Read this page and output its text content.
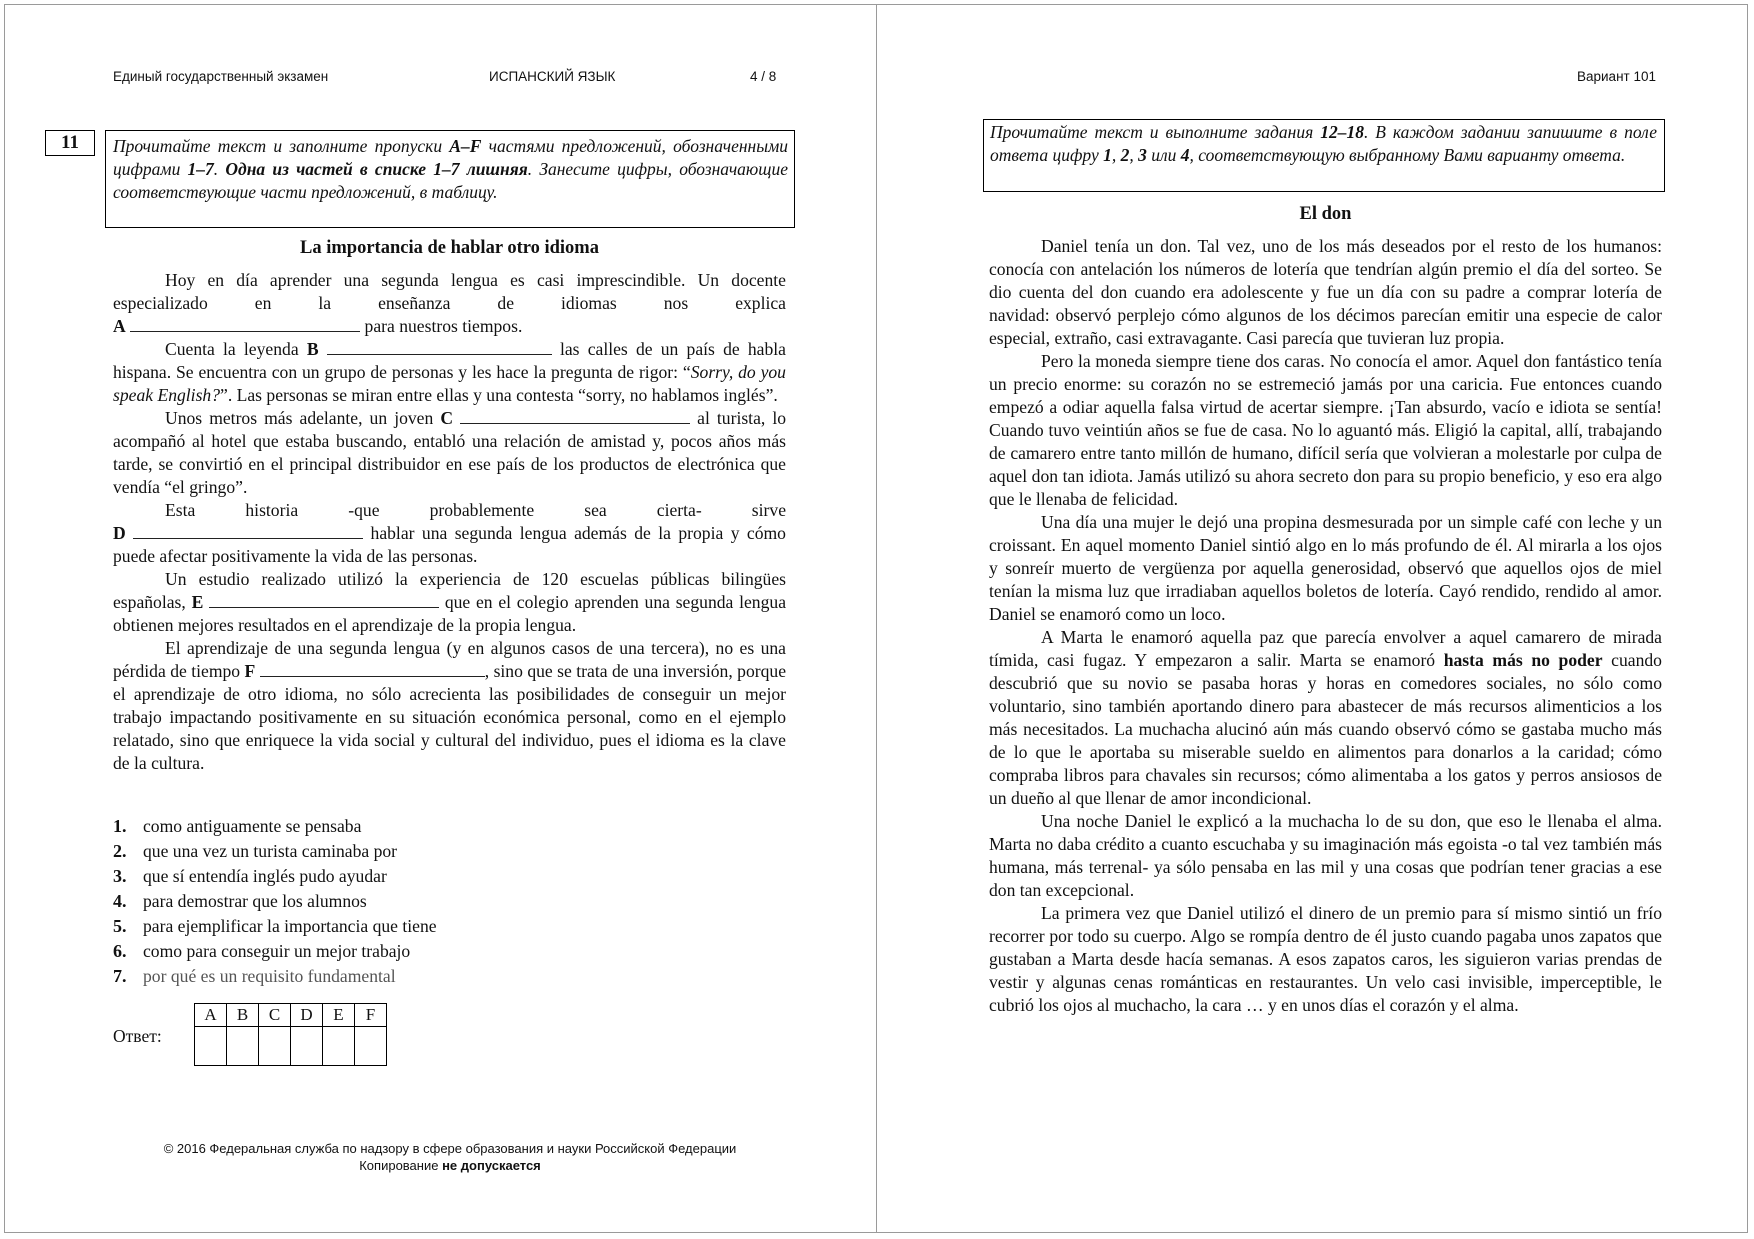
Единый государственный экзамен	ИСПАНСКИЙ ЯЗЫК	4 / 8	Вариант 101
11	Прочитайте текст и заполните пропуски A–F частями предложений, обозначенными цифрами 1–7. Одна из частей в списке 1–7 лишняя. Занесите цифры, обозначающие соответствующие части предложений, в таблицу.
La importancia de hablar otro idioma

Hoy en día aprender una segunda lengua es casi imprescindible. Un docente especializado en la enseñanza de idiomas nos explica

A	para nuestros tiempos.

Cuenta la leyenda B	las calles de un país de habla hispana. Se encuentra con un grupo de personas y les hace la pregunta de rigor: “Sorry, do you speak English?”. Las personas se miran entre ellas y una contesta “sorry, no hablamos inglés”.

Unos metros más adelante, un joven C	al turista, lo acompañó al hotel que estaba buscando, entabló una relación de amistad y, pocos años más tarde, se convirtió en el principal distribuidor en ese país de los productos de electrónica que vendía “el gringo”.

Esta historia -que probablemente sea cierta- sirve

D	hablar una segunda lengua además de la propia y cómo puede afectar positivamente la vida de las personas.

Un estudio realizado utilizó la experiencia de 120 escuelas públicas bilingües españolas, E	que en el colegio aprenden una segunda lengua obtienen mejores resultados en el aprendizaje de la propia lengua.

El aprendizaje de una segunda lengua (y en algunos casos de una tercera), no es una pérdida de tiempo F	, sino que se trata de una inversión, porque el aprendizaje de otro idioma, no sólo acrecienta las posibilidades de conseguir un mejor trabajo impactando positivamente en su situación económica personal, como en el ejemplo relatado, sino que enriquece la vida social y cultural del individuo, pues el idioma es la clave de la cultura.

1. como antiguamente se pensaba
2. que una vez un turista caminaba por
3. que sí entendía inglés pudo ayudar
4. para demostrar que los alumnos
5. para ejemplificar la importancia que tiene
6. como para conseguir un mejor trabajo
7. por qué es un requisito fundamental
Ответ:
A	B	C	D	E	F

© 2016 Федеральная служба по надзору в сфере образования и науки Российской Федерации
Копирование не допускается
Прочитайте текст и выполните задания 12–18. В каждом задании запишите в поле ответа цифру 1, 2, 3 или 4, соответствующую выбранному Вами варианту ответа.
El don

Daniel tenía un don. Tal vez, uno de los más deseados por el resto de los humanos: conocía con antelación los números de lotería que tendrían algún premio el día del sorteo. Se dio cuenta del don cuando era adolescente y fue un día con su padre a comprar lotería de navidad: observó perplejo cómo algunos de los décimos parecían emitir una especie de calor especial, extraño, casi extravagante. Casi parecía que tuvieran luz propia.

Pero la moneda siempre tiene dos caras. No conocía el amor. Aquel don fantástico tenía un precio enorme: su corazón no se estremeció jamás por una caricia. Fue entonces cuando empezó a odiar aquella falsa virtud de acertar siempre. ¡Tan absurdo, vacío e idiota se sentía! Cuando tuvo veintiún años se fue de casa. No lo aguantó más. Eligió la capital, allí, trabajando de camarero entre tanto millón de humano, difícil sería que volvieran a molestarle por culpa de aquel don tan idiota. Jamás utilizó su ahora secreto don para su propio beneficio, y eso era algo que le llenaba de felicidad.

Una día una mujer le dejó una propina desmesurada por un simple café con leche y un croissant. En aquel momento Daniel sintió algo en lo más profundo de él. Al mirarla a los ojos y sonreír muerto de vergüenza por aquella generosidad, observó que aquellos ojos de miel tenían la misma luz que irradiaban aquellos boletos de lotería. Cayó rendido, rendido al amor. Daniel se enamoró como un loco.

A Marta le enamoró aquella paz que parecía envolver a aquel camarero de mirada tímida, casi fugaz. Y empezaron a salir. Marta se enamoró hasta más no poder cuando descubrió que su novio se pasaba horas y horas en comedores sociales, no sólo como voluntario, sino también aportando dinero para abastecer de más recursos alimenticios a los más necesitados. La muchacha alucinó aún más cuando observó cómo se gastaba mucho más de lo que le aportaba su miserable sueldo en alimentos para donarlos a la caridad; cómo compraba libros para chavales sin recursos; cómo alimentaba a los gatos y perros ansiosos de un dueño al que llenar de amor incondicional.

Una noche Daniel le explicó a la muchacha lo de su don, que eso le llenaba el alma. Marta no daba crédito a cuanto escuchaba y su imaginación más egoista -o tal vez también más humana, más terrenal- ya sólo pensaba en las mil y una cosas que podrían tener gracias a ese don tan excepcional.

La primera vez que Daniel utilizó el dinero de un premio para sí mismo sintió un frío recorrer por todo su cuerpo. Algo se rompía dentro de él justo cuando pagaba unos zapatos que gustaban a Marta desde hacía semanas. A esos zapatos caros, les siguieron varias prendas de vestir y algunas cenas románticas en restaurantes. Un velo casi invisible, imperceptible, le cubrió los ojos al muchacho, la cara … y en unos días el corazón y el alma.
